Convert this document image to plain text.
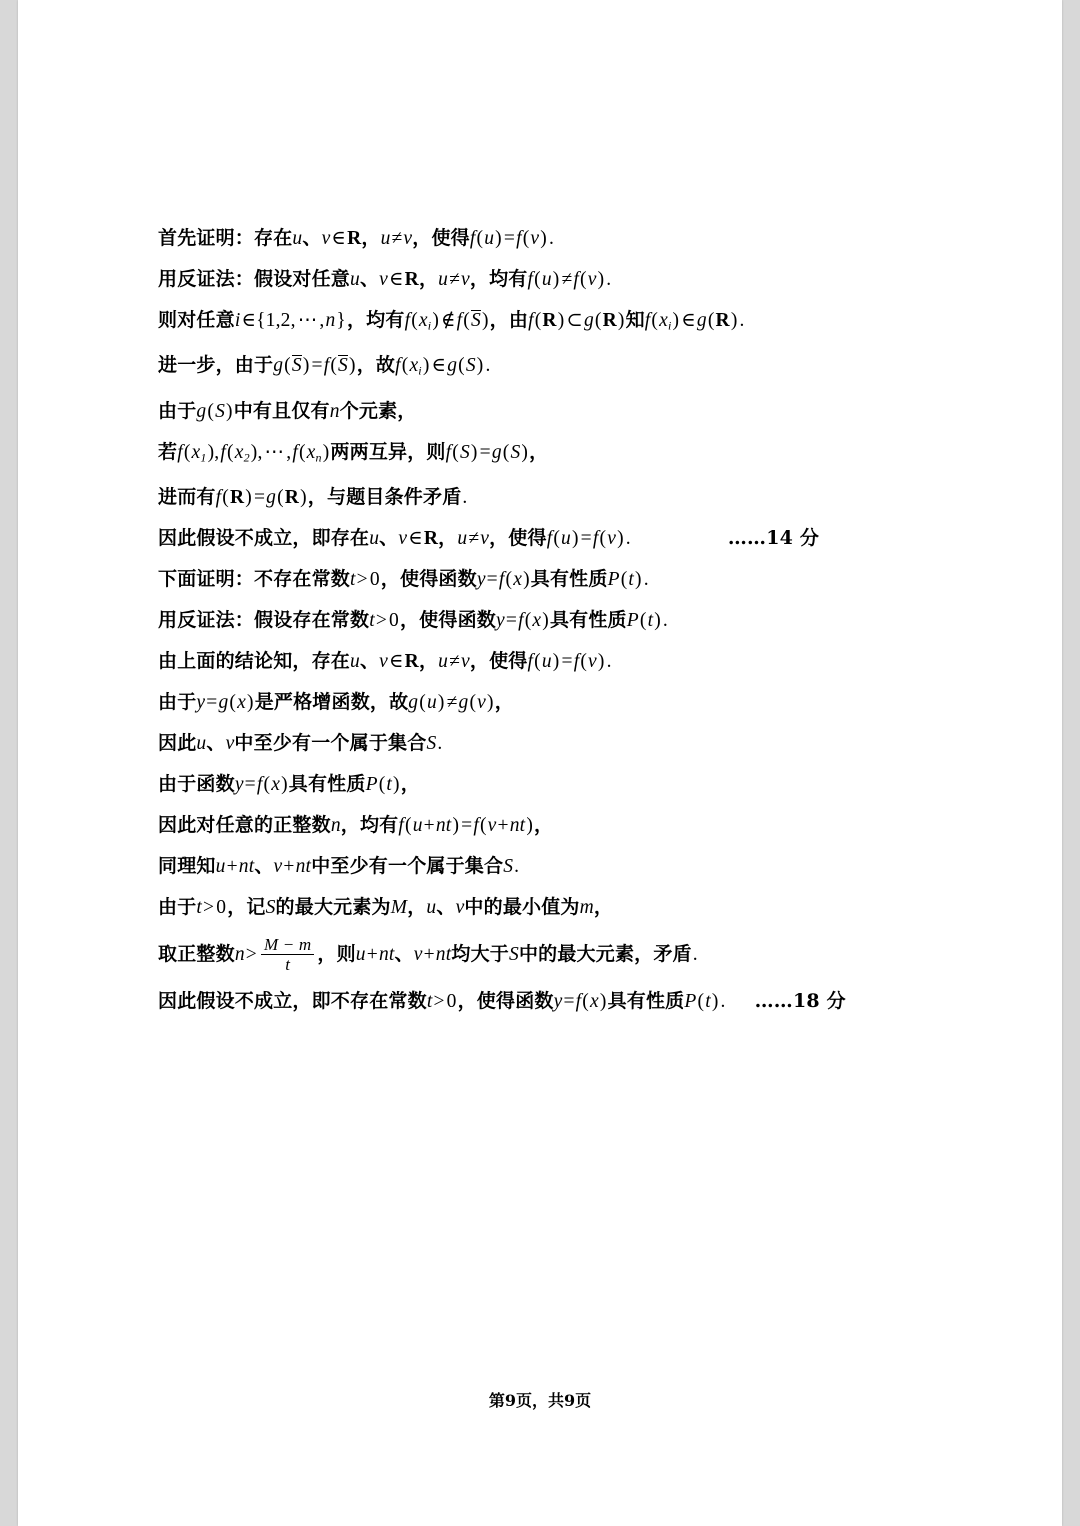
首先证明：存在u、v∈R，u≠v，使得f(u) =f(v) .
用反证法：假设对任意u、v∈R，u≠v，均有f(u) ≠f(v) .
则对任意i∈{1,2, ⋯ ,n}，均有$f(x_i)$ ∉f(S)，由f(R) ⊂g(R)知$f(x_i)$ ∈g(R) .
进一步，由于g(S) =f(S)，故$f(x_i)$ ∈g(S) .
由于g(S)中有且仅有n个元素，
若$f(x_1),f(x_2)$, ⋯ $,f(x_n)$两两互异，则f(S) =g(S)，
进而有f(R) =g(R)，与题目条件矛盾.
因此假设不成立，即存在u、v∈R，u≠v，使得f(u) =f(v) .	……14 分
下面证明：不存在常数t> 0，使得函数y=f(x)具有性质P(t) .
用反证法：假设存在常数t> 0，使得函数y=f(x)具有性质P(t) .
由上面的结论知，存在u、v∈R，u≠v，使得f(u) =f(v) .
由于y=g(x)是严格增函数，故g(u) ≠g(v)，
因此u、v中至少有一个属于集合S.
由于函数y=f(x)具有性质P(t)，
因此对任意的正整数n，均有f(u+nt) =f(v+nt)，
同理知u+nt、v+nt中至少有一个属于集合S.
由于t> 0，记S的最大元素为M，u、v中的最小值为m，
取正整数$n> \frac{M - m}{t}$ ，则u+nt、v+nt均大于S中的最大元素，矛盾.
因此假设不成立，即不存在常数t> 0，使得函数y=f(x)具有性质P(t) . ……18 分
第9页，共9页
